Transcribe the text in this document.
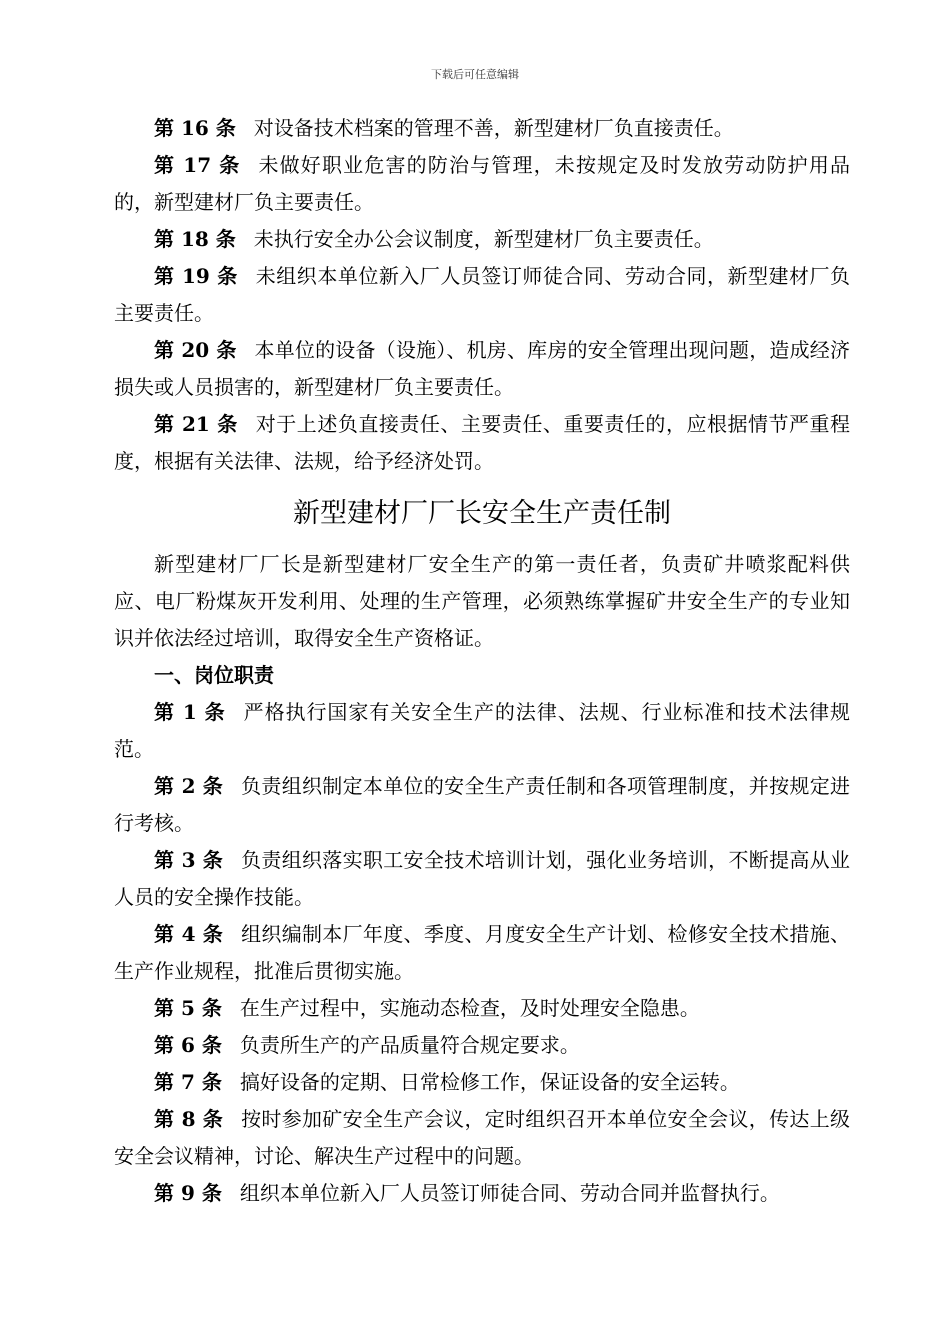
下载后可任意编辑

第 16 条 对设备技术档案的管理不善，新型建材厂负直接责任。

第 17 条 未做好职业危害的防治与管理，未按规定及时发放劳动防护用品的，新型建材厂负主要责任。

第 18 条 未执行安全办公会议制度，新型建材厂负主要责任。

第 19 条 未组织本单位新入厂人员签订师徒合同、劳动合同，新型建材厂负主要责任。

第 20 条 本单位的设备（设施）、机房、库房的安全管理出现问题，造成经济损失或人员损害的，新型建材厂负主要责任。

第 21 条 对于上述负直接责任、主要责任、重要责任的，应根据情节严重程度，根据有关法律、法规，给予经济处罚。

新型建材厂厂长安全生产责任制

新型建材厂厂长是新型建材厂安全生产的第一责任者，负责矿井喷浆配料供应、电厂粉煤灰开发利用、处理的生产管理，必须熟练掌握矿井安全生产的专业知识并依法经过培训，取得安全生产资格证。

一、岗位职责

第 1 条 严格执行国家有关安全生产的法律、法规、行业标准和技术法律规范。

第 2 条 负责组织制定本单位的安全生产责任制和各项管理制度，并按规定进行考核。

第 3 条 负责组织落实职工安全技术培训计划，强化业务培训，不断提高从业人员的安全操作技能。

第 4 条 组织编制本厂年度、季度、月度安全生产计划、检修安全技术措施、生产作业规程，批准后贯彻实施。

第 5 条 在生产过程中，实施动态检查，及时处理安全隐患。

第 6 条 负责所生产的产品质量符合规定要求。

第 7 条 搞好设备的定期、日常检修工作，保证设备的安全运转。

第 8 条 按时参加矿安全生产会议，定时组织召开本单位安全会议，传达上级安全会议精神，讨论、解决生产过程中的问题。

第 9 条 组织本单位新入厂人员签订师徒合同、劳动合同并监督执行。
